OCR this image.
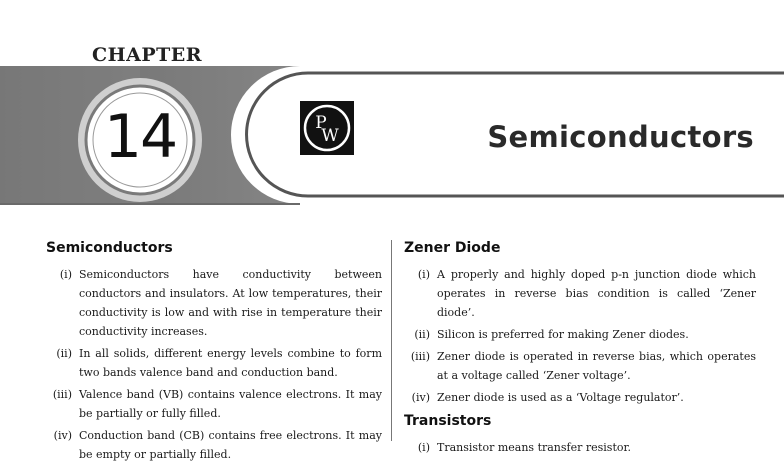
CHAPTER
14	P
W	Semiconductors
Semiconductors
(i) Semiconductors have conductivity between conductors and insulators. At low temperatures, their conductivity is low and with rise in temperature their conductivity increases.
(ii) In all solids, different energy levels combine to form two bands valence band and conduction band.
(iii) Valence band (VB) contains valence electrons. It may be partially or fully filled.
(iv) Conduction band (CB) contains free electrons. It may be empty or partially filled.
Zener Diode
(i) A properly and highly doped p-n junction diode which operates in reverse bias condition is called ‘Zener diode’.
(ii) Silicon is preferred for making Zener diodes.
(iii) Zener diode is operated in reverse bias, which operates at a voltage called ‘Zener voltage’.
(iv) Zener diode is used as a ‘Voltage regulator’.
Transistors
(i) Transistor means transfer resistor.
